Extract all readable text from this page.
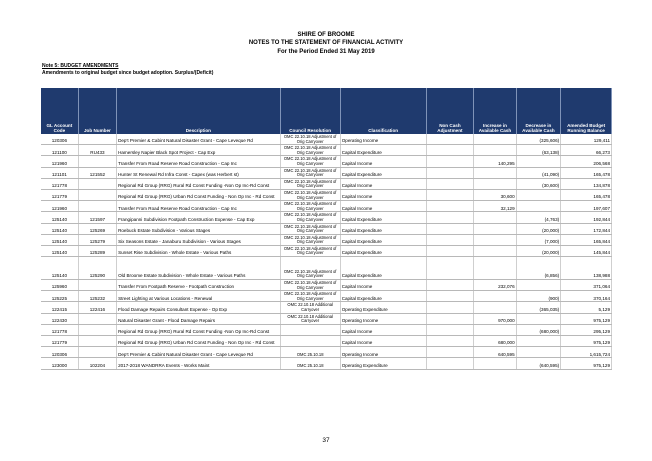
SHIRE OF BROOME
NOTES TO THE STATEMENT OF FINANCIAL ACTIVITY
For the Period Ended 31 May 2019
Note 5: BUDGET AMENDMENTS
Amendments to original budget since budget adoption. Surplus/(Deficit)
GL Account Code	Job Number	Description	Council Resolution	Classification	Non Cash Adjustment	Increase in Available Cash	Decrease in Available Cash	Amended Budget Running Balance
120306		Dep't Premier & Cabint Natural Disaster Grant - Cape Leveque Rd	OMC 22.10.18 Adjustment of Orig Carryover	Operating Income			(325,606)	129,411
121100	RU433	Hamersley Napier Black Spot Project - Cap Exp	OMC 22.10.18 Adjustment of Orig Carryover	Capital Expenditure			(63,138)	66,273
121960		Transfer From Road Reserve Road Construction - Cap Inc	OMC 22.10.18 Adjustment of Orig Carryover	Capital Income		140,295		206,568
121101	121552	Hunter St Renewal Rd Infra Const - Capex (was Herbert st)	OMC 22.10.18 Adjustment of Orig Carryover	Capital Expenditure			(41,090)	165,478
121778		Regional Rd Group (RRG) Rural Rd Const Funding -Non Op Inc-Rd Const	OMC 22.10.18 Adjustment of Orig Carryover	Capital Income			(30,600)	134,878
121779		Regional Rd Group (RRG) Urban Rd Const Funding - Non Op Inc - Rd Const	OMC 22.10.18 Adjustment of Orig Carryover	Capital Income		30,600		165,478
121960		Transfer From Road Reserve Road Construction - Cap Inc	OMC 22.10.18 Adjustment of Orig Carryover	Capital Income		32,129		197,607
125140	121597	Frangipanni Subdivision Footpath Construction Expense - Cap Exp	OMC 22.10.18 Adjustment of Orig Carryover	Capital Expenditure			(4,763)	192,844
125140	125269	Roebuck Estate Subdivision - Various Stages	OMC 22.10.18 Adjustment of Orig Carryover	Capital Expenditure			(20,000)	172,844
125140	125279	Six Seasons Estate - Janaburu Subdivision - Various Stages	OMC 22.10.18 Adjustment of Orig Carryover	Capital Expenditure			(7,000)	165,844
125140	125289	Sunset Rise Subdivision - Whole Estate - Various Paths	OMC 22.10.18 Adjustment of Orig Carryover	Capital Expenditure			(20,000)	145,844
125140	125290	Old Broome Estate Subdivision - Whole Estate - Various Paths	OMC 22.10.18 Adjustment of Orig Carryover	Capital Expenditure			(6,856)	138,988
125960		Transfer From Footpath Reserve - Footpath Construction	OMC 22.10.18 Adjustment of Orig Carryover	Capital Income		232,076		371,064
125225	125232	Street Lighting at Various Locations - Renewal	OMC 22.10.18 Adjustment of Orig Carryover	Capital Expenditure			(900)	370,164
122415	122416	Flood Damage Repairs Consultant Expense - Op Exp	OMC 22.10.18 Additional Carryover	Operating Expenditure			(365,035)	5,129
122430		Natural Disaster Grant - Flood Damage Repairs	OMC 22.10.18 Additional Carryover	Operating Income		970,000		975,129
121778		Regional Rd Group (RRG) Rural Rd Const Funding -Non Op Inc-Rd Const		Capital Income			(680,000)	295,129
121779		Regional Rd Group (RRG) Urban Rd Const Funding - Non Op Inc - Rd Const		Capital Income		680,000		975,129
120306		Dep't Premier & Cabint Natural Disaster Grant - Cape Leveque Rd	OMC 25.10.18	Operating Income		640,595		1,615,724
123000	102204	2017-2018 WANDRRA Events - Works Maint	OMC 25.10.18	Operating Expenditure			(640,595)	975,129
37
